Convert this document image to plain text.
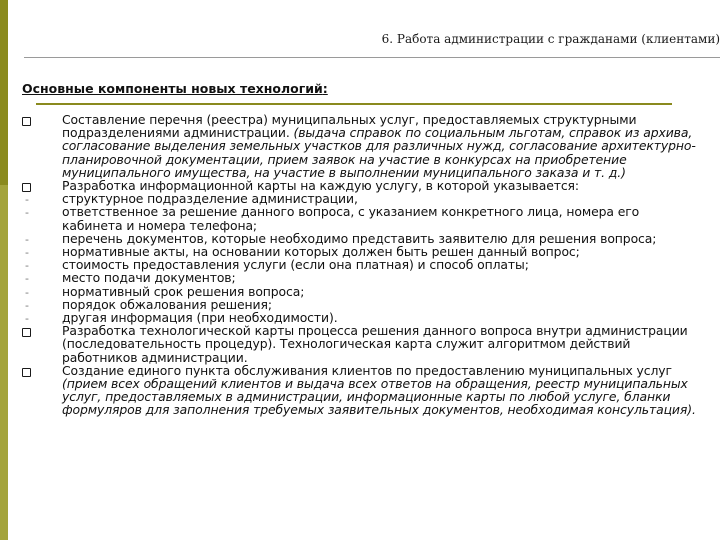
6. Работа администрации с гражданами (клиентами)
Основные компоненты новых технологий:
Составление перечня (реестра) муниципальных услуг, предоставляемых структурными подразделениями администрации. (выдача справок по социальным льготам, справок из архива, согласование выделения земельных участков для различных нужд, согласование архитектурно-планировочной документации, прием заявок на участие в конкурсах на приобретение муниципального имущества, на участие в выполнении муниципального заказа и т. д.)
Разработка информационной карты на каждую услугу, в которой указывается:
-	структурное подразделение администрации,
-	ответственное за решение данного вопроса, с указанием конкретного лица, номера его кабинета и номера телефона;
-	перечень документов, которые необходимо представить заявителю для решения вопроса;
-	нормативные акты, на основании которых должен быть решен данный вопрос;
-	стоимость предоставления услуги (если она платная) и способ оплаты;
-	место подачи документов;
-	нормативный срок решения вопроса;
-	порядок обжалования решения;
-	другая информация (при необходимости).
Разработка технологической карты процесса решения данного вопроса внутри администрации (последовательность процедур). Технологическая карта служит алгоритмом действий работников администрации.
Создание единого пункта обслуживания клиентов по предоставлению муниципальных услуг (прием всех обращений клиентов и выдача всех ответов на обращения, реестр муниципальных услуг, предоставляемых в администрации, информационные карты по любой услуге, бланки формуляров для заполнения требуемых заявительных документов, необходимая консультация).
